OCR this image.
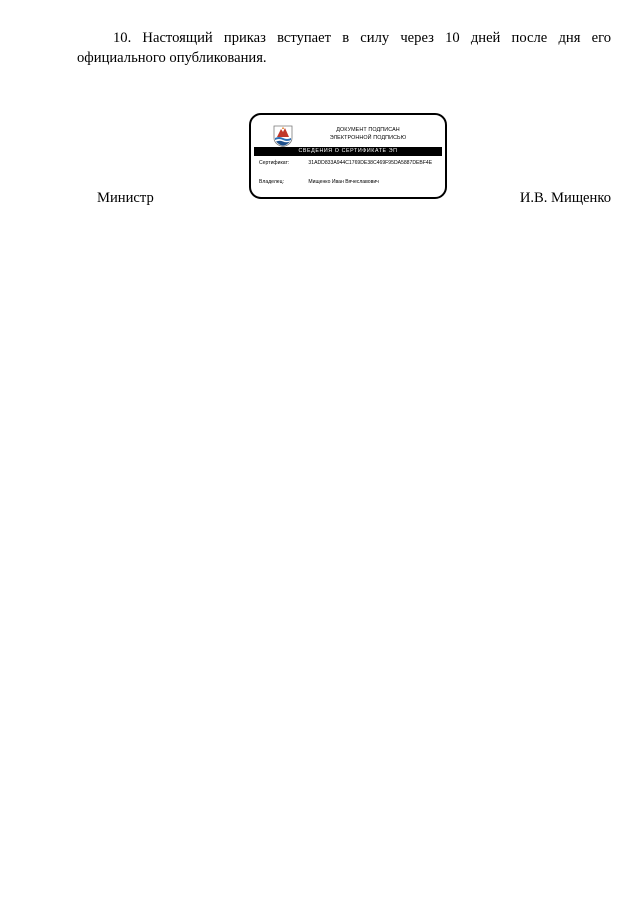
10. Настоящий приказ вступает в силу через 10 дней после дня его
официального опубликования.
Министр
ДОКУМЕНТ ПОДПИСАН
ЭЛЕКТРОННОЙ ПОДПИСЬЮ
СВЕДЕНИЯ О СЕРТИФИКАТЕ ЭП
Сертификат:	31ADD833A944C1769DE38C469F95DA5887DEBF4E
Владелец:	Мищенко Иван Вячеславович
И.В. Мищенко
